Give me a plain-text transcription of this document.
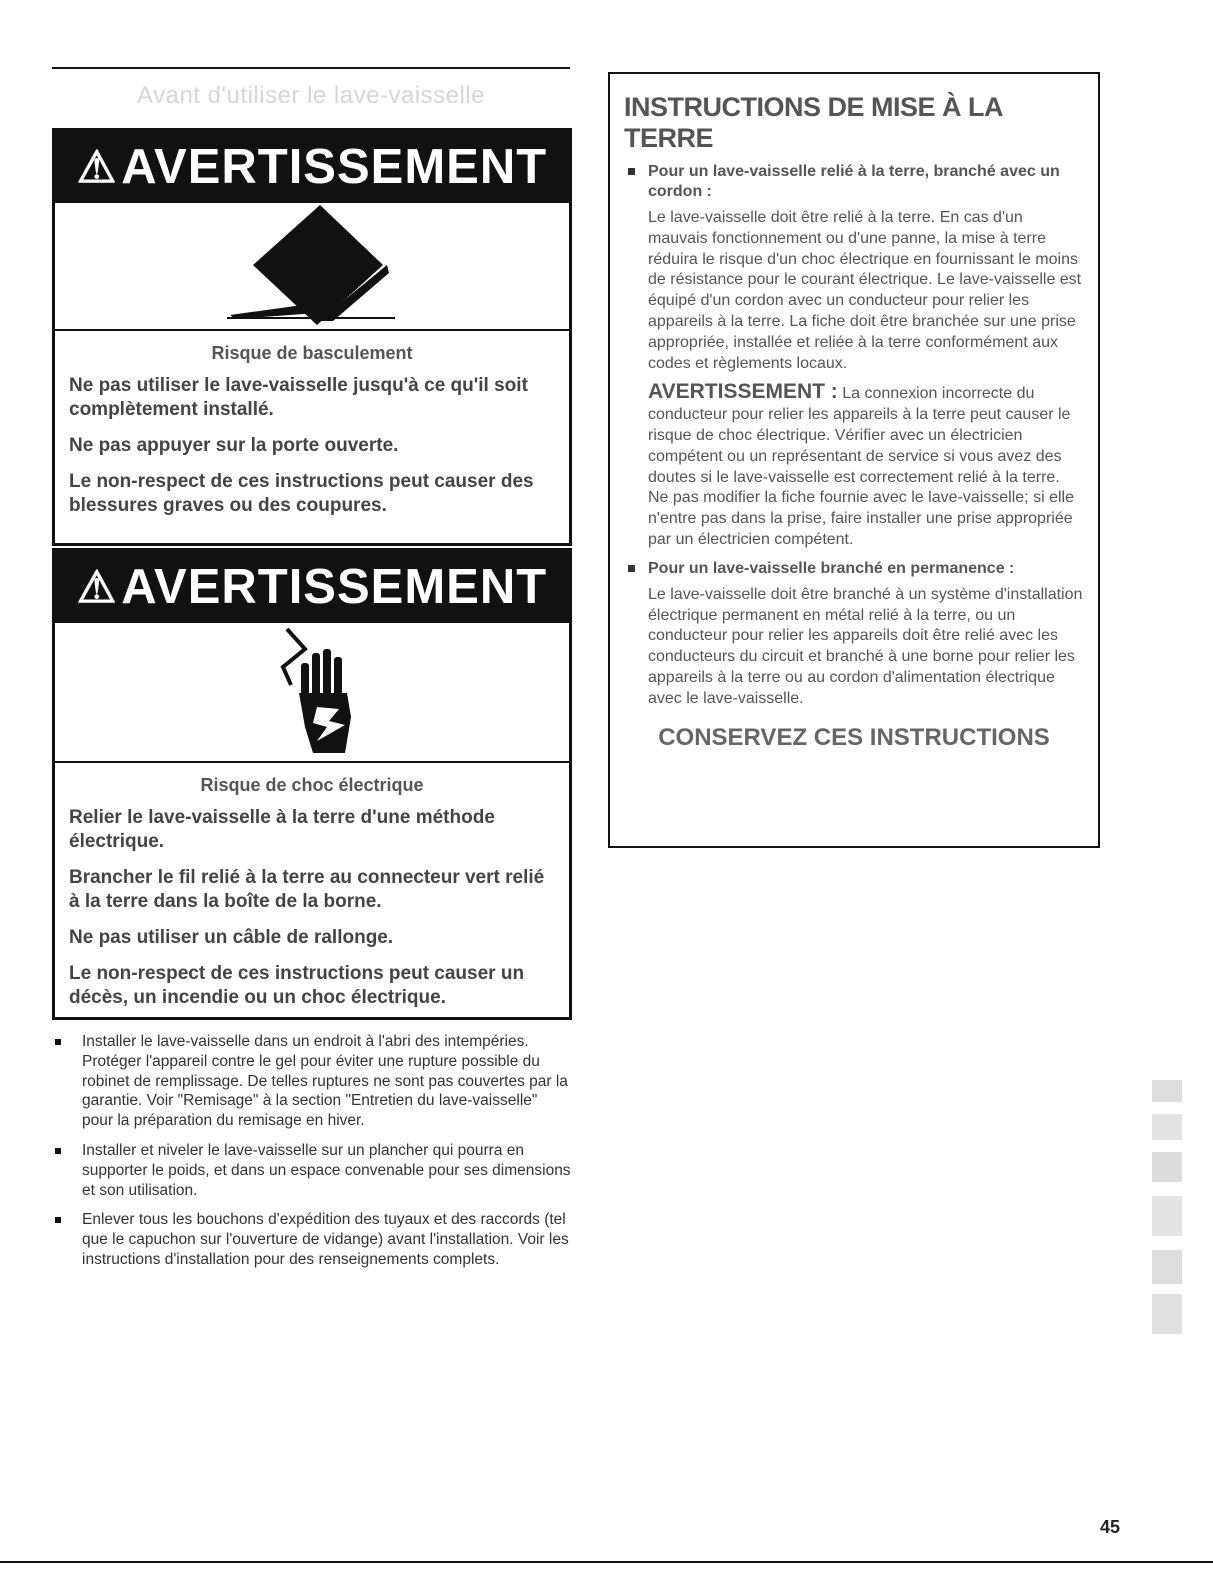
Avant d'utiliser le lave-vaisselle
⚠ AVERTISSEMENT
Risque de basculement

Ne pas utiliser le lave-vaisselle jusqu'à ce qu'il soit complètement installé.

Ne pas appuyer sur la porte ouverte.

Le non-respect de ces instructions peut causer des blessures graves ou des coupures.

⚠ AVERTISSEMENT
Risque de choc électrique

Relier le lave-vaisselle à la terre d'une méthode électrique.

Brancher le fil relié à la terre au connecteur vert relié à la terre dans la boîte de la borne.

Ne pas utiliser un câble de rallonge.

Le non-respect de ces instructions peut causer un décès, un incendie ou un choc électrique.

Installer le lave-vaisselle dans un endroit à l'abri des intempéries. Protéger l'appareil contre le gel pour éviter une rupture possible du robinet de remplissage. De telles ruptures ne sont pas couvertes par la garantie. Voir "Remisage" à la section "Entretien du lave-vaisselle" pour la préparation du remisage en hiver.
Installer et niveler le lave-vaisselle sur un plancher qui pourra en supporter le poids, et dans un espace convenable pour ses dimensions et son utilisation.
Enlever tous les bouchons d'expédition des tuyaux et des raccords (tel que le capuchon sur l'ouverture de vidange) avant l'installation. Voir les instructions d'installation pour des renseignements complets.
INSTRUCTIONS DE MISE À LA TERRE
Pour un lave-vaisselle relié à la terre, branché avec un cordon :
Le lave-vaisselle doit être relié à la terre. En cas d'un mauvais fonctionnement ou d'une panne, la mise à terre réduira le risque d'un choc électrique en fournissant le moins de résistance pour le courant électrique. Le lave-vaisselle est équipé d'un cordon avec un conducteur pour relier les appareils à la terre. La fiche doit être branchée sur une prise appropriée, installée et reliée à la terre conformément aux codes et règlements locaux.
AVERTISSEMENT : La connexion incorrecte du conducteur pour relier les appareils à la terre peut causer le risque de choc électrique. Vérifier avec un électricien compétent ou un représentant de service si vous avez des doutes si le lave-vaisselle est correctement relié à la terre. Ne pas modifier la fiche fournie avec le lave-vaisselle; si elle n'entre pas dans la prise, faire installer une prise appropriée par un électricien compétent.
Pour un lave-vaisselle branché en permanence :
Le lave-vaisselle doit être branché à un système d'installation électrique permanent en métal relié à la terre, ou un conducteur pour relier les appareils doit être relié avec les conducteurs du circuit et branché à une borne pour relier les appareils à la terre ou au cordon d'alimentation électrique avec le lave-vaisselle.
CONSERVEZ CES INSTRUCTIONS
45
